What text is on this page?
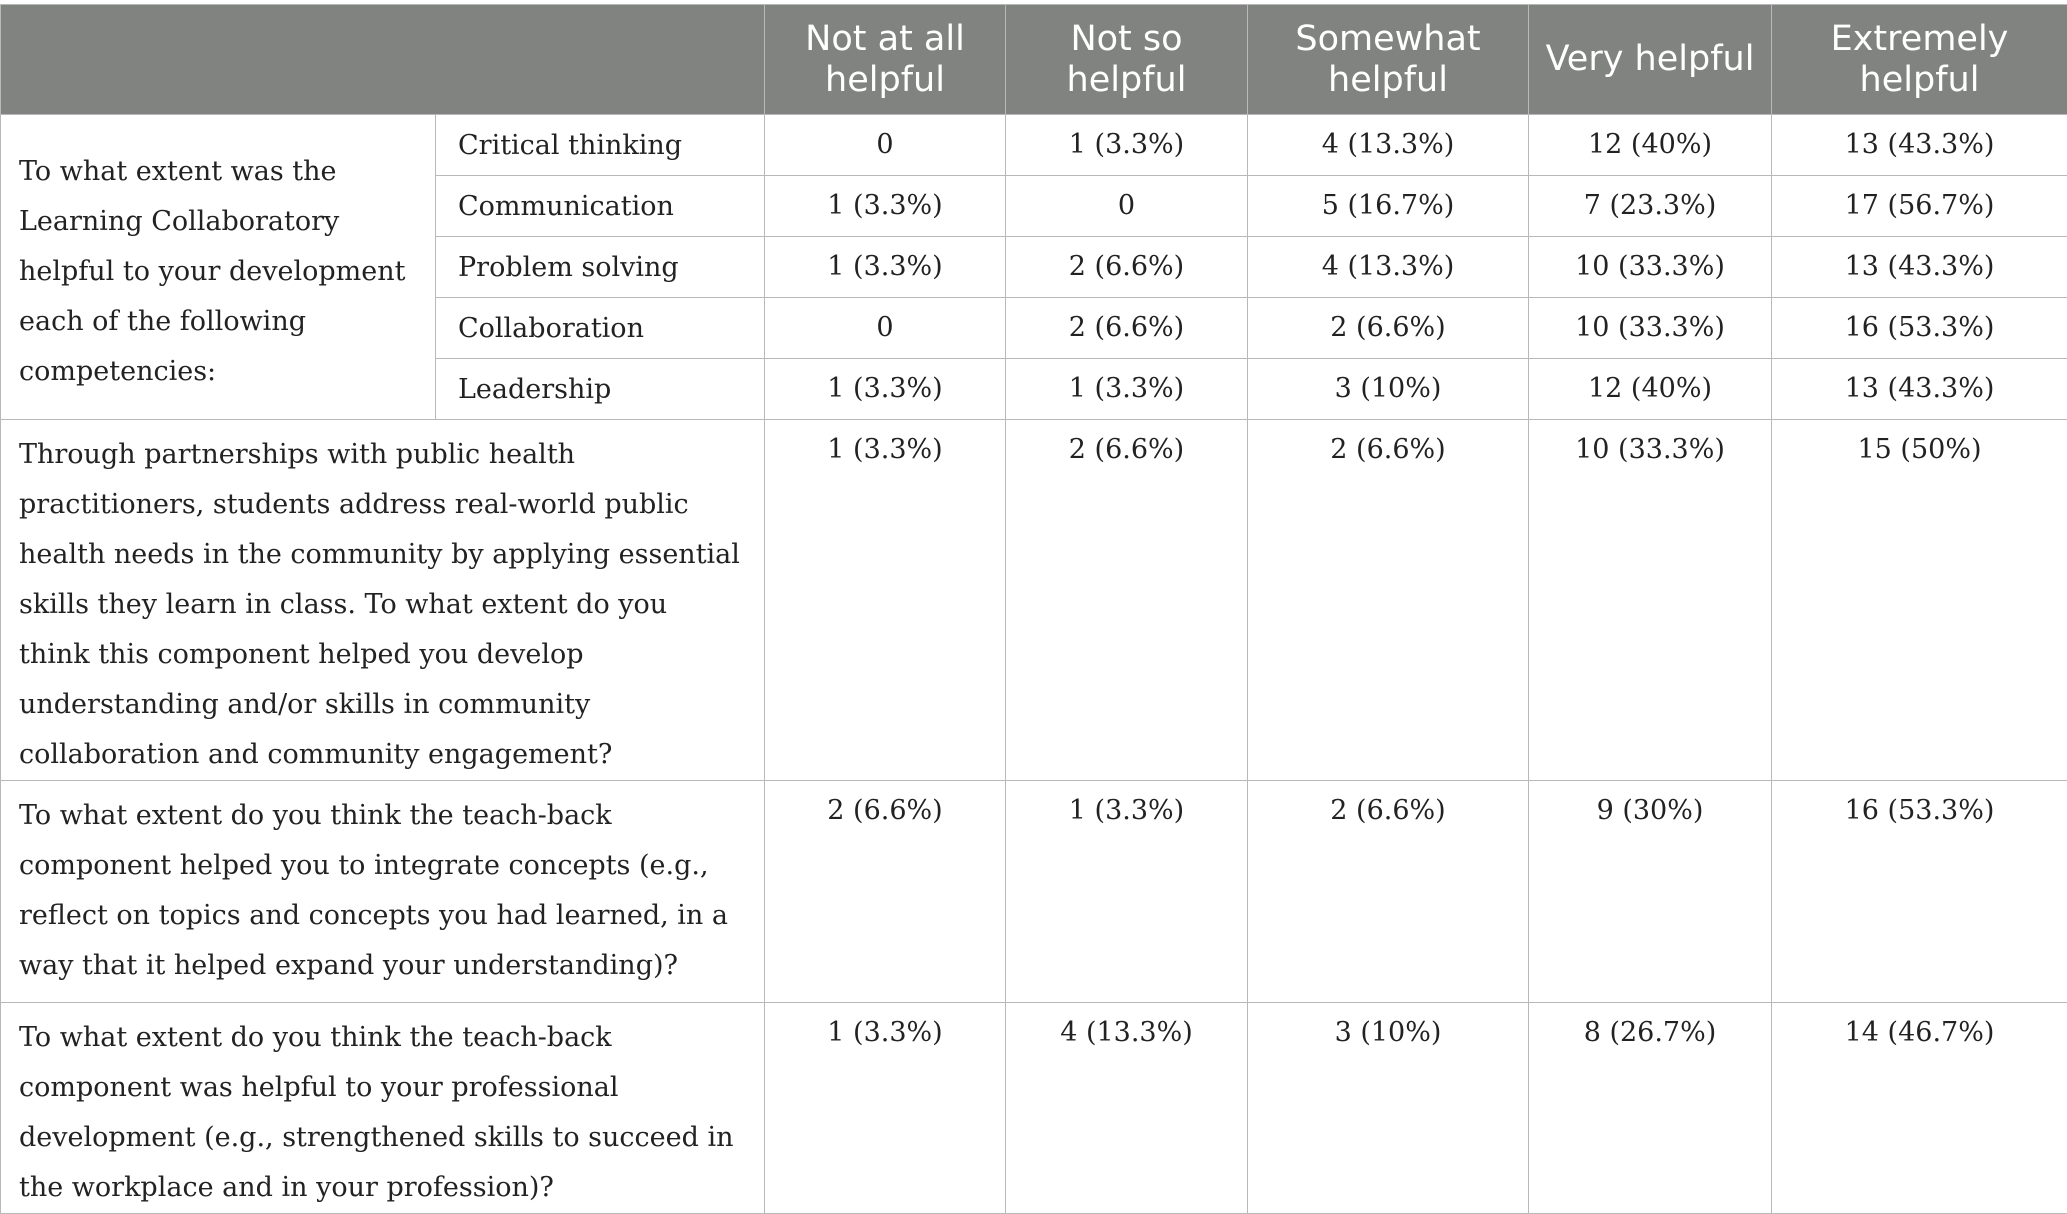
		Not at all helpful	Not so helpful	Somewhat helpful	Very helpful	Extremely helpful
To what extent was the Learning Collaboratory helpful to your development each of the following competencies:	Critical thinking	0	1 (3.3%)	4 (13.3%)	12 (40%)	13 (43.3%)
	Communication	1 (3.3%)	0	5 (16.7%)	7 (23.3%)	17 (56.7%)
	Problem solving	1 (3.3%)	2 (6.6%)	4 (13.3%)	10 (33.3%)	13 (43.3%)
	Collaboration	0	2 (6.6%)	2 (6.6%)	10 (33.3%)	16 (53.3%)
	Leadership	1 (3.3%)	1 (3.3%)	3 (10%)	12 (40%)	13 (43.3%)
Through partnerships with public health practitioners, students address real-world public health needs in the community by applying essential skills they learn in class. To what extent do you think this component helped you develop understanding and/or skills in community collaboration and community engagement?		1 (3.3%)	2 (6.6%)	2 (6.6%)	10 (33.3%)	15 (50%)
To what extent do you think the teach-back component helped you to integrate concepts (e.g., reflect on topics and concepts you had learned, in a way that it helped expand your understanding)?		2 (6.6%)	1 (3.3%)	2 (6.6%)	9 (30%)	16 (53.3%)
To what extent do you think the teach-back component was helpful to your professional development (e.g., strengthened skills to succeed in the workplace and in your profession)?		1 (3.3%)	4 (13.3%)	3 (10%)	8 (26.7%)	14 (46.7%)
